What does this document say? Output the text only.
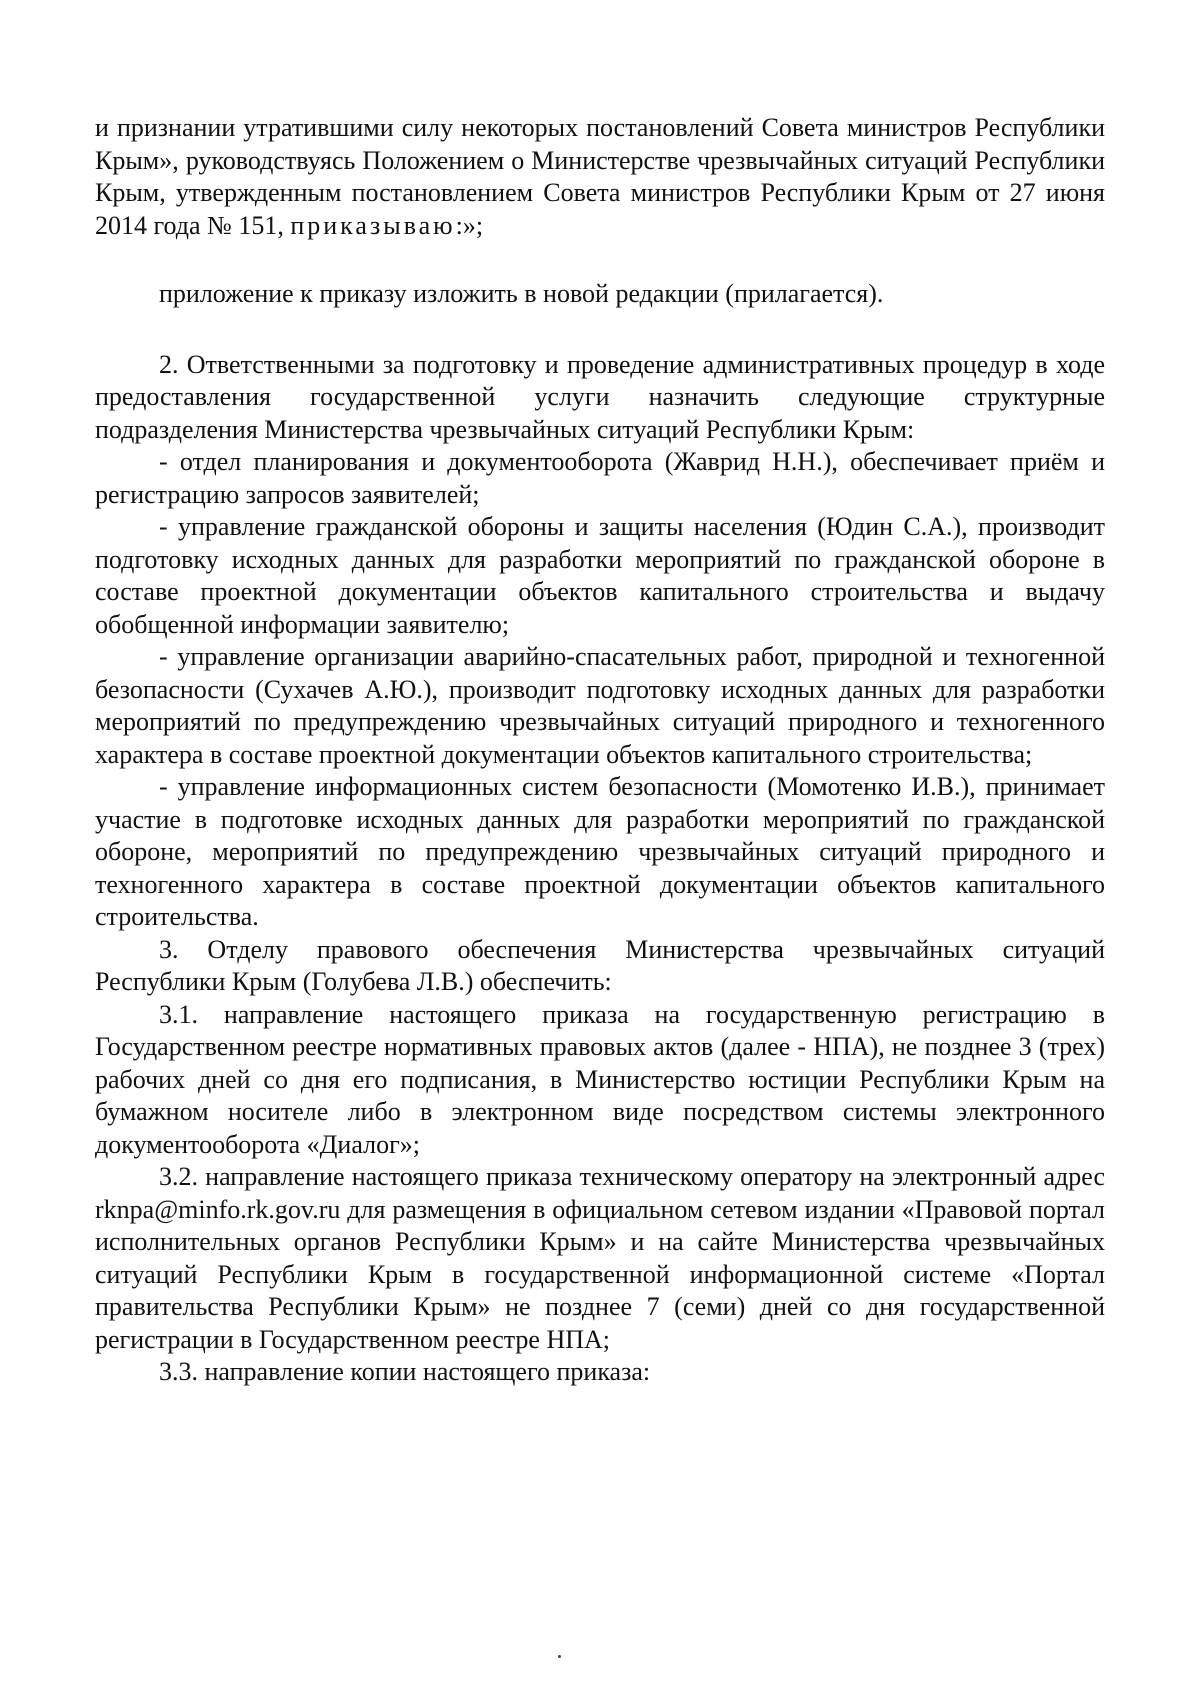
и признании утратившими силу некоторых постановлений Совета министров Республики Крым», руководствуясь Положением о Министерстве чрезвычайных ситуаций Республики Крым, утвержденным постановлением Совета министров Республики Крым от 27 июня 2014 года № 151, приказываю:»;

приложение к приказу изложить в новой редакции (прилагается).

2. Ответственными за подготовку и проведение административных процедур в ходе предоставления государственной услуги назначить следующие структурные подразделения Министерства чрезвычайных ситуаций Республики Крым:

- отдел планирования и документооборота (Жаврид Н.Н.), обеспечивает приём и регистрацию запросов заявителей;

- управление гражданской обороны и защиты населения (Юдин С.А.), производит подготовку исходных данных для разработки мероприятий по гражданской обороне в составе проектной документации объектов капитального строительства и выдачу обобщенной информации заявителю;

- управление организации аварийно-спасательных работ, природной и техногенной безопасности (Сухачев А.Ю.), производит подготовку исходных данных для разработки мероприятий по предупреждению чрезвычайных ситуаций природного и техногенного характера в составе проектной документации объектов капитального строительства;

- управление информационных систем безопасности (Момотенко И.В.), принимает участие в подготовке исходных данных для разработки мероприятий по гражданской обороне, мероприятий по предупреждению чрезвычайных ситуаций природного и техногенного характера в составе проектной документации объектов капитального строительства.

3. Отделу правового обеспечения Министерства чрезвычайных ситуаций Республики Крым (Голубева Л.В.) обеспечить:

3.1. направление настоящего приказа на государственную регистрацию в Государственном реестре нормативных правовых актов (далее - НПА), не позднее 3 (трех) рабочих дней со дня его подписания, в Министерство юстиции Республики Крым на бумажном носителе либо в электронном виде посредством системы электронного документооборота «Диалог»;

3.2. направление настоящего приказа техническому оператору на электронный адрес rknpa@minfo.rk.gov.ru для размещения в официальном сетевом издании «Правовой портал исполнительных органов Республики Крым» и на сайте Министерства чрезвычайных ситуаций Республики Крым в государственной информационной системе «Портал правительства Республики Крым» не позднее 7 (семи) дней со дня государственной регистрации в Государственном реестре НПА;

3.3. направление копии настоящего приказа:
